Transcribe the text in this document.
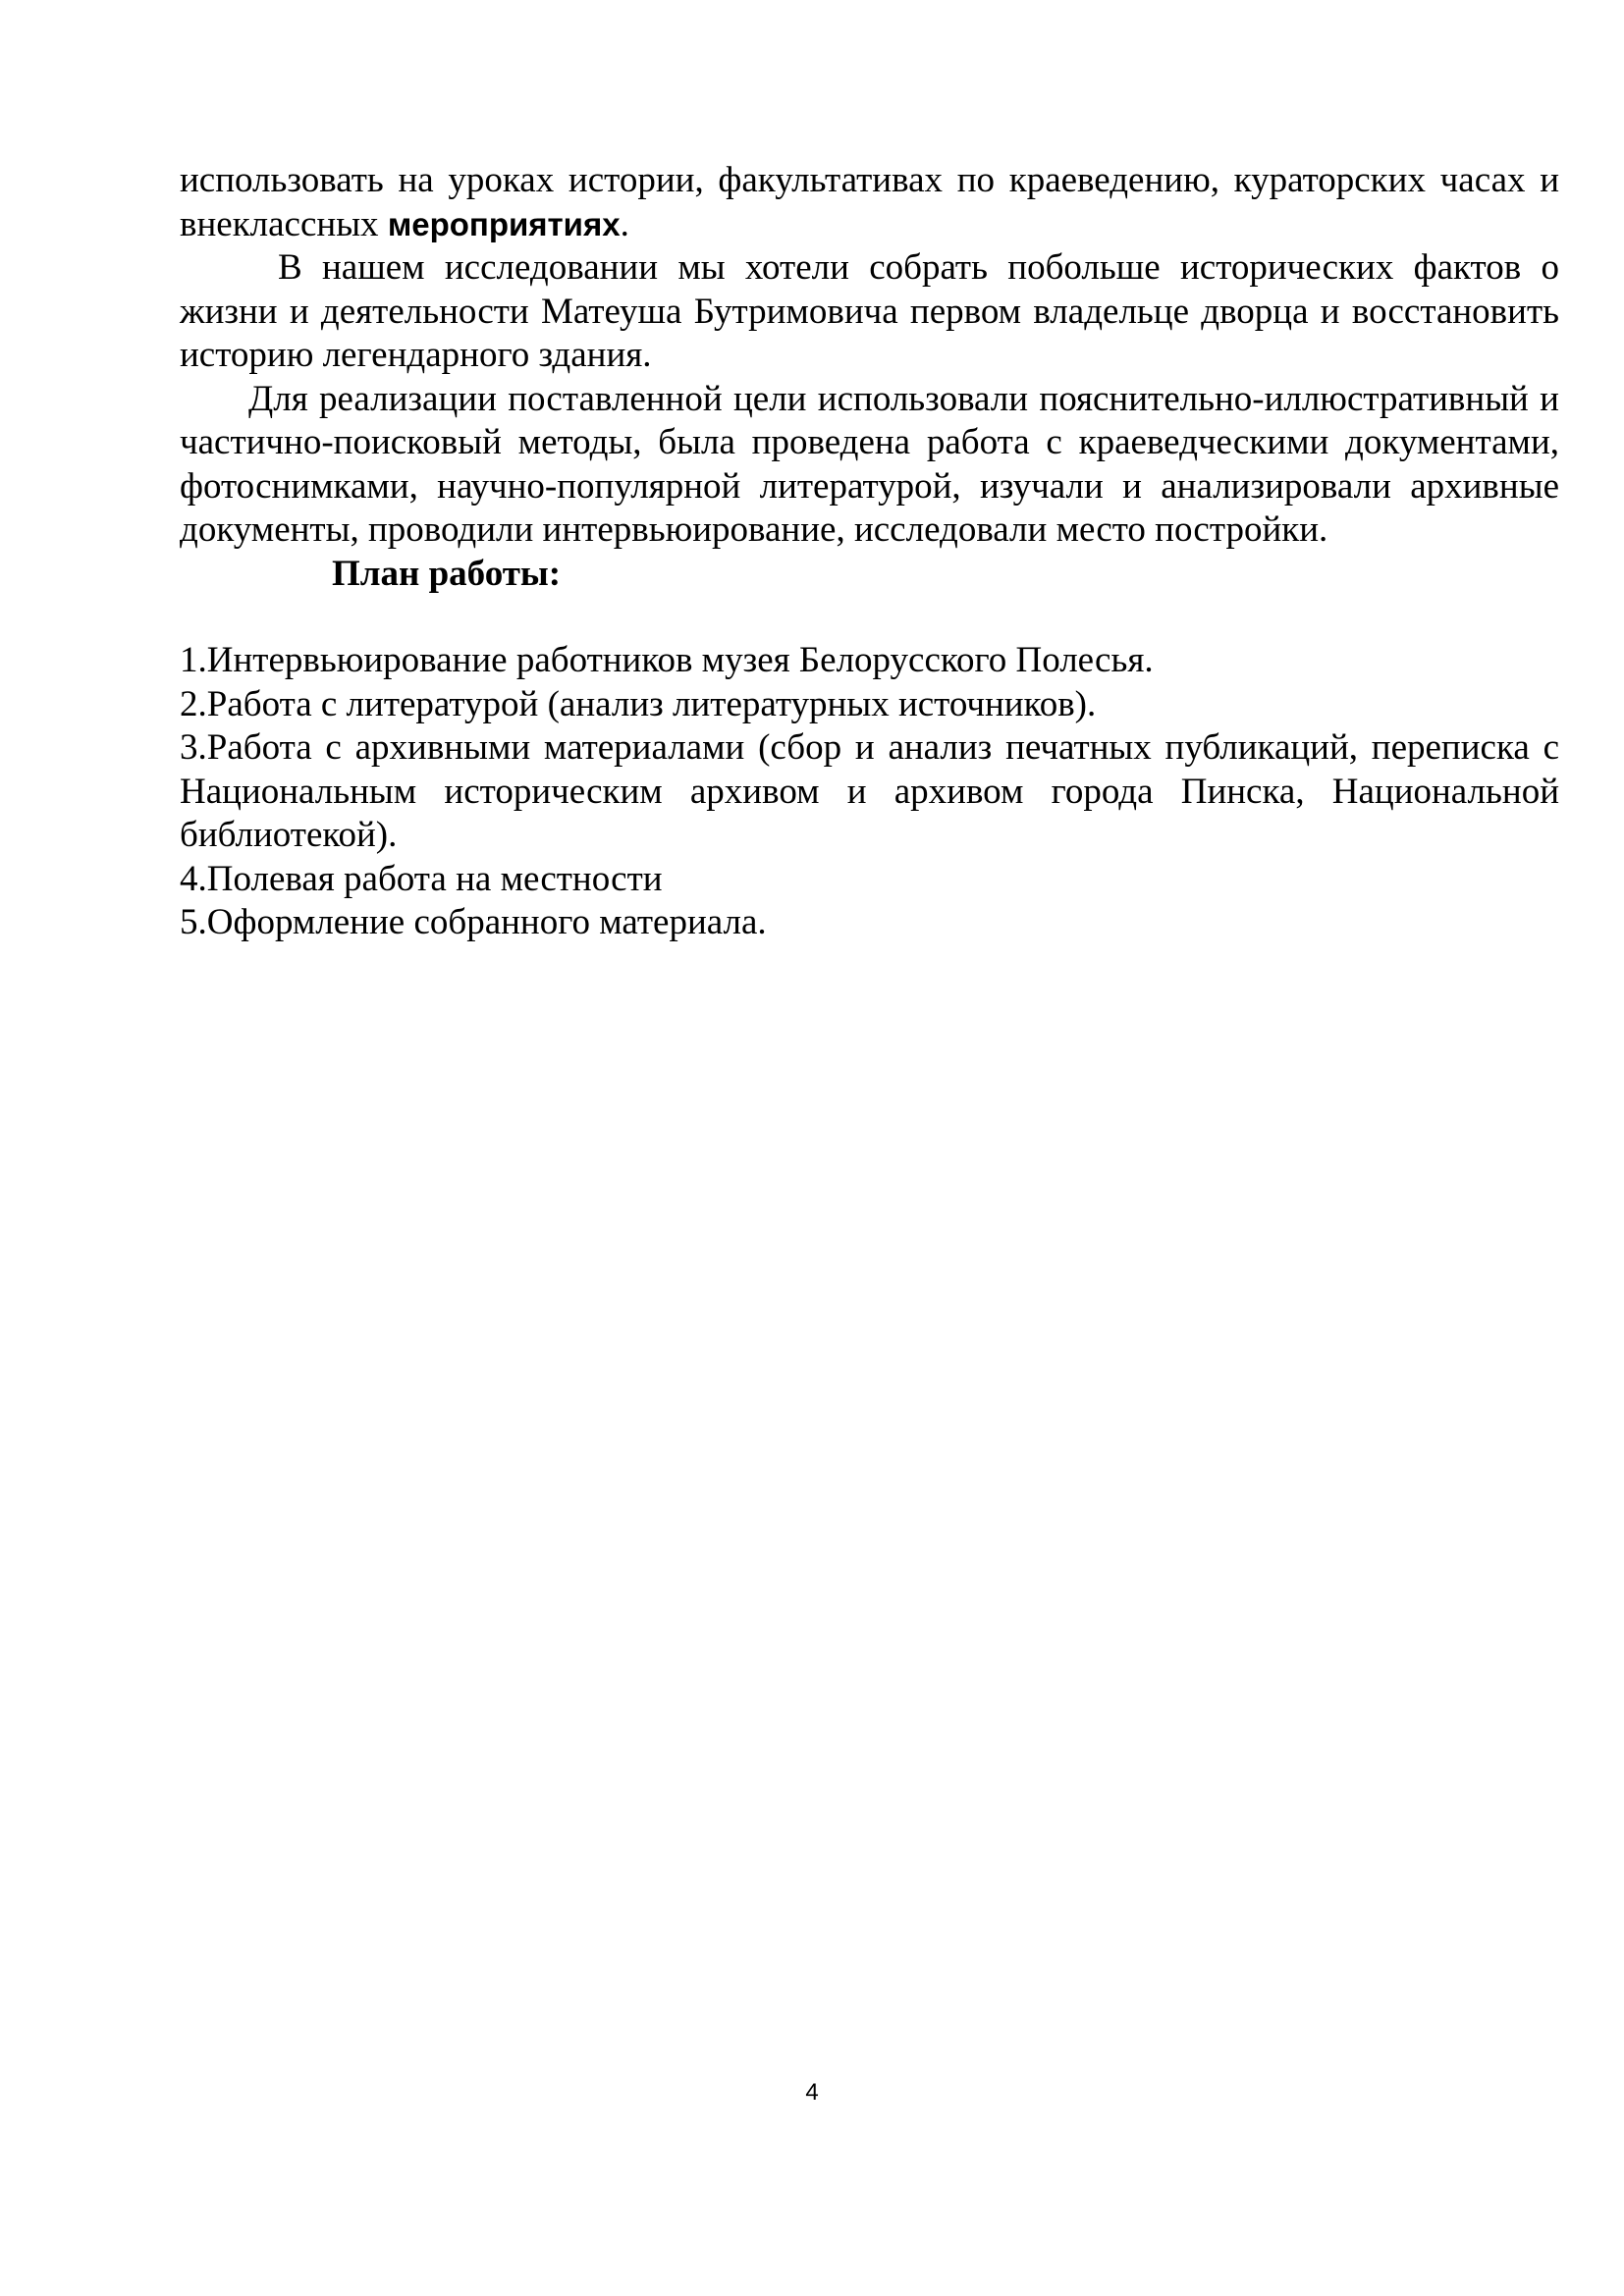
использовать на уроках истории, факультативах по краеведению, кураторских часах и внеклассных мероприятиях.

В нашем исследовании мы хотели собрать побольше исторических фактов о жизни и деятельности Матеуша Бутримовича первом владельце дворца и восстановить историю легендарного здания.

Для реализации поставленной цели использовали пояснительно-иллюстративный и частично-поисковый методы, была проведена работа с краеведческими документами, фотоснимками, научно-популярной литературой, изучали и анализировали архивные документы, проводили интервьюирование, исследовали место постройки.

План работы:

1.Интервьюирование работников музея Белорусского Полесья.
2.Работа с литературой (анализ литературных источников).
3.Работа с архивными материалами (сбор и анализ печатных публикаций, переписка с Национальным историческим архивом и архивом города Пинска, Национальной библиотекой).
4.Полевая работа на местности
5.Оформление собранного материала.
4
